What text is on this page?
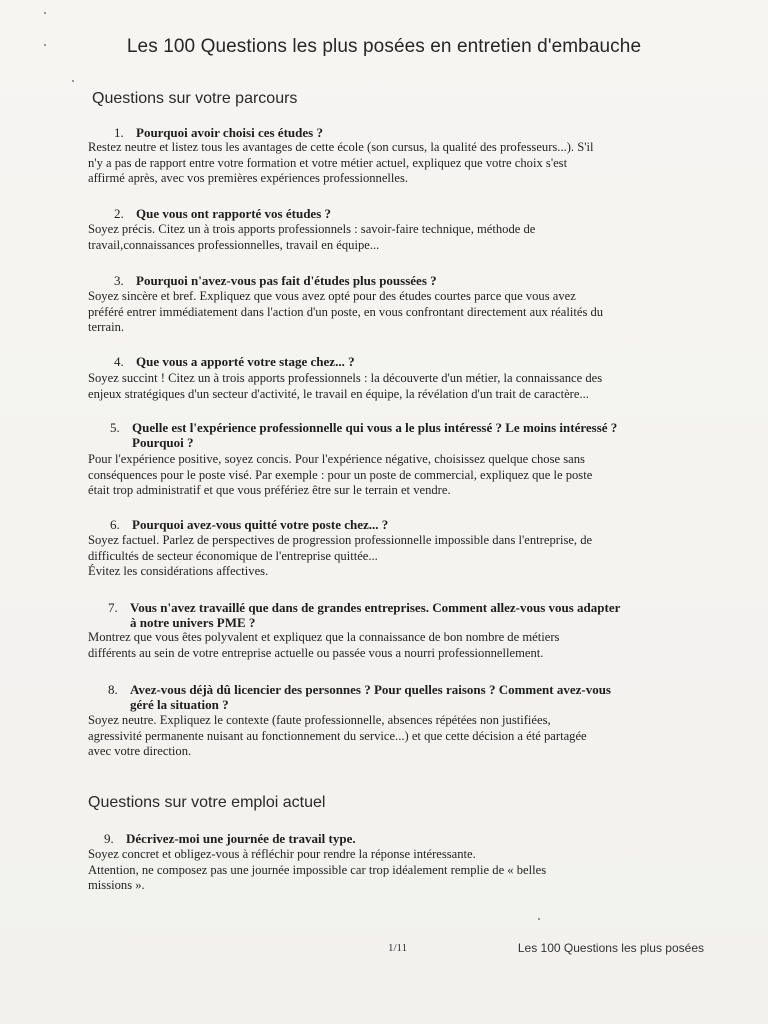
Les 100 Questions les plus posées en entretien d'embauche
Questions sur votre parcours
1. Pourquoi avoir choisi ces études ?
Restez neutre et listez tous les avantages de cette école (son cursus, la qualité des professeurs...). S'il
n'y a pas de rapport entre votre formation et votre métier actuel, expliquez que votre choix s'est
affirmé après, avec vos premières expériences professionnelles.
2. Que vous ont rapporté vos études ?
Soyez précis. Citez un à trois apports professionnels : savoir-faire technique, méthode de
travail,connaissances professionnelles, travail en équipe...
3. Pourquoi n'avez-vous pas fait d'études plus poussées ?
Soyez sincère et bref. Expliquez que vous avez opté pour des études courtes parce que vous avez
préféré entrer immédiatement dans l'action d'un poste, en vous confrontant directement aux réalités du
terrain.
4. Que vous a apporté votre stage chez... ?
Soyez succint ! Citez un à trois apports professionnels : la découverte d'un métier, la connaissance des
enjeux stratégiques d'un secteur d'activité, le travail en équipe, la révélation d'un trait de caractère...
5. Quelle est l'expérience professionnelle qui vous a le plus intéressé ? Le moins intéressé ?
Pourquoi ?
Pour l'expérience positive, soyez concis. Pour l'expérience négative, choisissez quelque chose sans
conséquences pour le poste visé. Par exemple : pour un poste de commercial, expliquez que le poste
était trop administratif et que vous préfériez être sur le terrain et vendre.
6. Pourquoi avez-vous quitté votre poste chez... ?
Soyez factuel. Parlez de perspectives de progression professionnelle impossible dans l'entreprise, de
difficultés de secteur économique de l'entreprise quittée...
Évitez les considérations affectives.
7. Vous n'avez travaillé que dans de grandes entreprises. Comment allez-vous vous adapter
à notre univers PME ?
Montrez que vous êtes polyvalent et expliquez que la connaissance de bon nombre de métiers
différents au sein de votre entreprise actuelle ou passée vous a nourri professionnellement.
8. Avez-vous déjà dû licencier des personnes ? Pour quelles raisons ? Comment avez-vous
géré la situation ?
Soyez neutre. Expliquez le contexte (faute professionnelle, absences répétées non justifiées,
agressivité permanente nuisant au fonctionnement du service...) et que cette décision a été partagée
avec votre direction.
Questions sur votre emploi actuel
9. Décrivez-moi une journée de travail type.
Soyez concret et obligez-vous à réfléchir pour rendre la réponse intéressante.
Attention, ne composez pas une journée impossible car trop idéalement remplie de « belles
missions ».
1/11	Les 100 Questions les plus posées
